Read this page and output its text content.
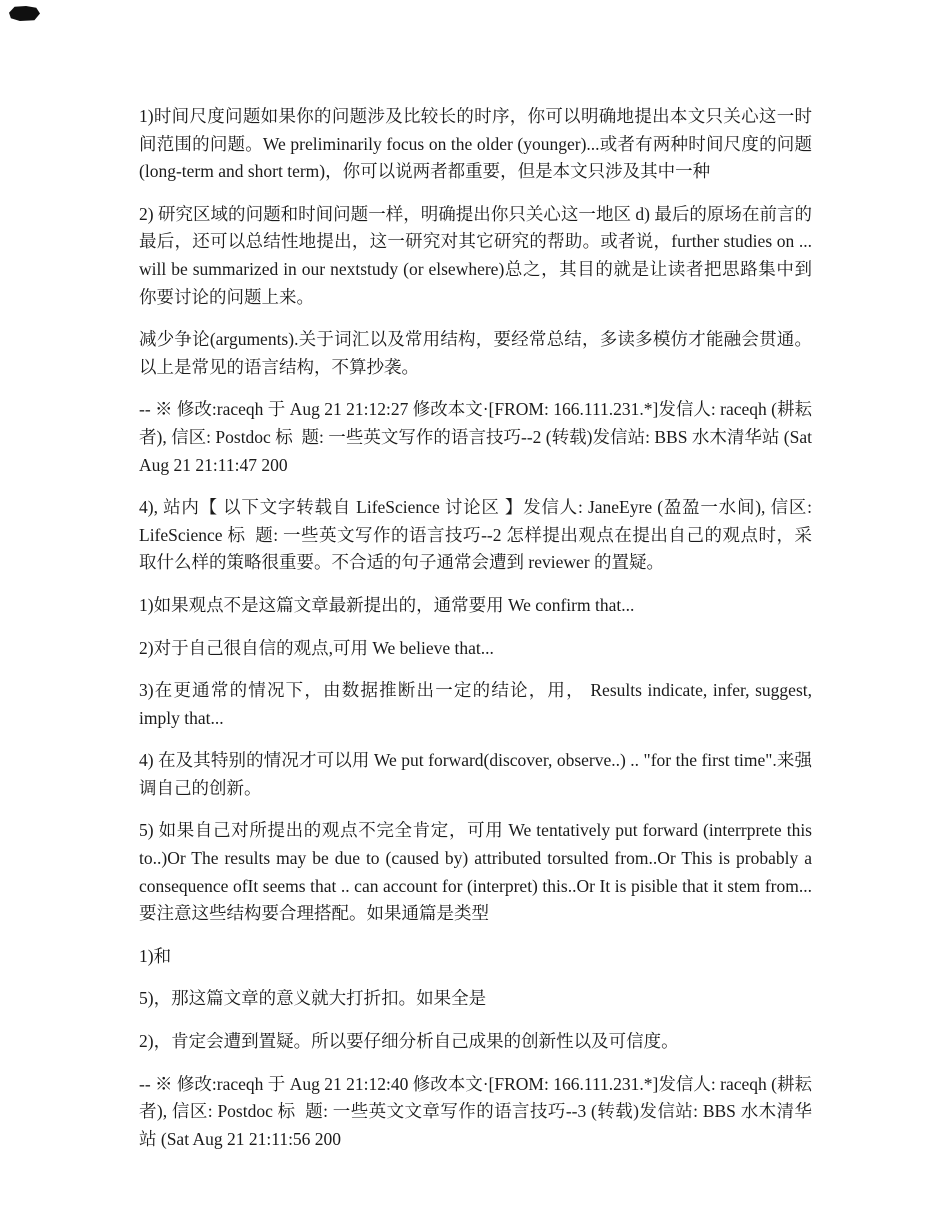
1)时间尺度问题如果你的问题涉及比较长的时序，你可以明确地提出本文只关心这一时间范围的问题。We preliminarily focus on the older (younger)...或者有两种时间尺度的问题(long-term and short term)，你可以说两者都重要，但是本文只涉及其中一种

2) 研究区域的问题和时间问题一样，明确提出你只关心这一地区 d) 最后的原场在前言的最后，还可以总结性地提出，这一研究对其它研究的帮助。或者说，further studies on ... will be summarized in our nextstudy (or elsewhere)总之，其目的就是让读者把思路集中到你要讨论的问题上来。

减少争论(arguments).关于词汇以及常用结构，要经常总结，多读多模仿才能融会贯通。以上是常见的语言结构，不算抄袭。

-- ※ 修改:raceqh 于 Aug 21 21:12:27 修改本文·[FROM: 166.111.231.*]发信人: raceqh (耕耘者), 信区: Postdoc 标  题: 一些英文写作的语言技巧--2 (转载)发信站: BBS 水木清华站 (Sat Aug 21 21:11:47 200

4), 站内【 以下文字转载自 LifeScience 讨论区 】发信人: JaneEyre (盈盈一水间), 信区: LifeScience 标  题: 一些英文写作的语言技巧--2 怎样提出观点在提出自己的观点时，采取什么样的策略很重要。不合适的句子通常会遭到 reviewer 的置疑。

1)如果观点不是这篇文章最新提出的，通常要用 We confirm that...

2)对于自己很自信的观点,可用 We believe that...

3)在更通常的情况下，由数据推断出一定的结论，用， Results indicate, infer, suggest, imply that...

4) 在及其特别的情况才可以用 We put forward(discover, observe..) .. "for the first time".来强调自己的创新。

5) 如果自己对所提出的观点不完全肯定，可用 We tentatively put forward (interrprete this to..)Or The results may be due to (caused by) attributed torsulted from..Or This is probably a consequence ofIt seems that .. can account for (interpret) this..Or It is pisible that it stem from...要注意这些结构要合理搭配。如果通篇是类型

1)和

5)，那这篇文章的意义就大打折扣。如果全是

2)，肯定会遭到置疑。所以要仔细分析自己成果的创新性以及可信度。

-- ※ 修改:raceqh 于 Aug 21 21:12:40 修改本文·[FROM: 166.111.231.*]发信人: raceqh (耕耘者), 信区: Postdoc 标  题: 一些英文文章写作的语言技巧--3 (转载)发信站: BBS 水木清华站 (Sat Aug 21 21:11:56 200
